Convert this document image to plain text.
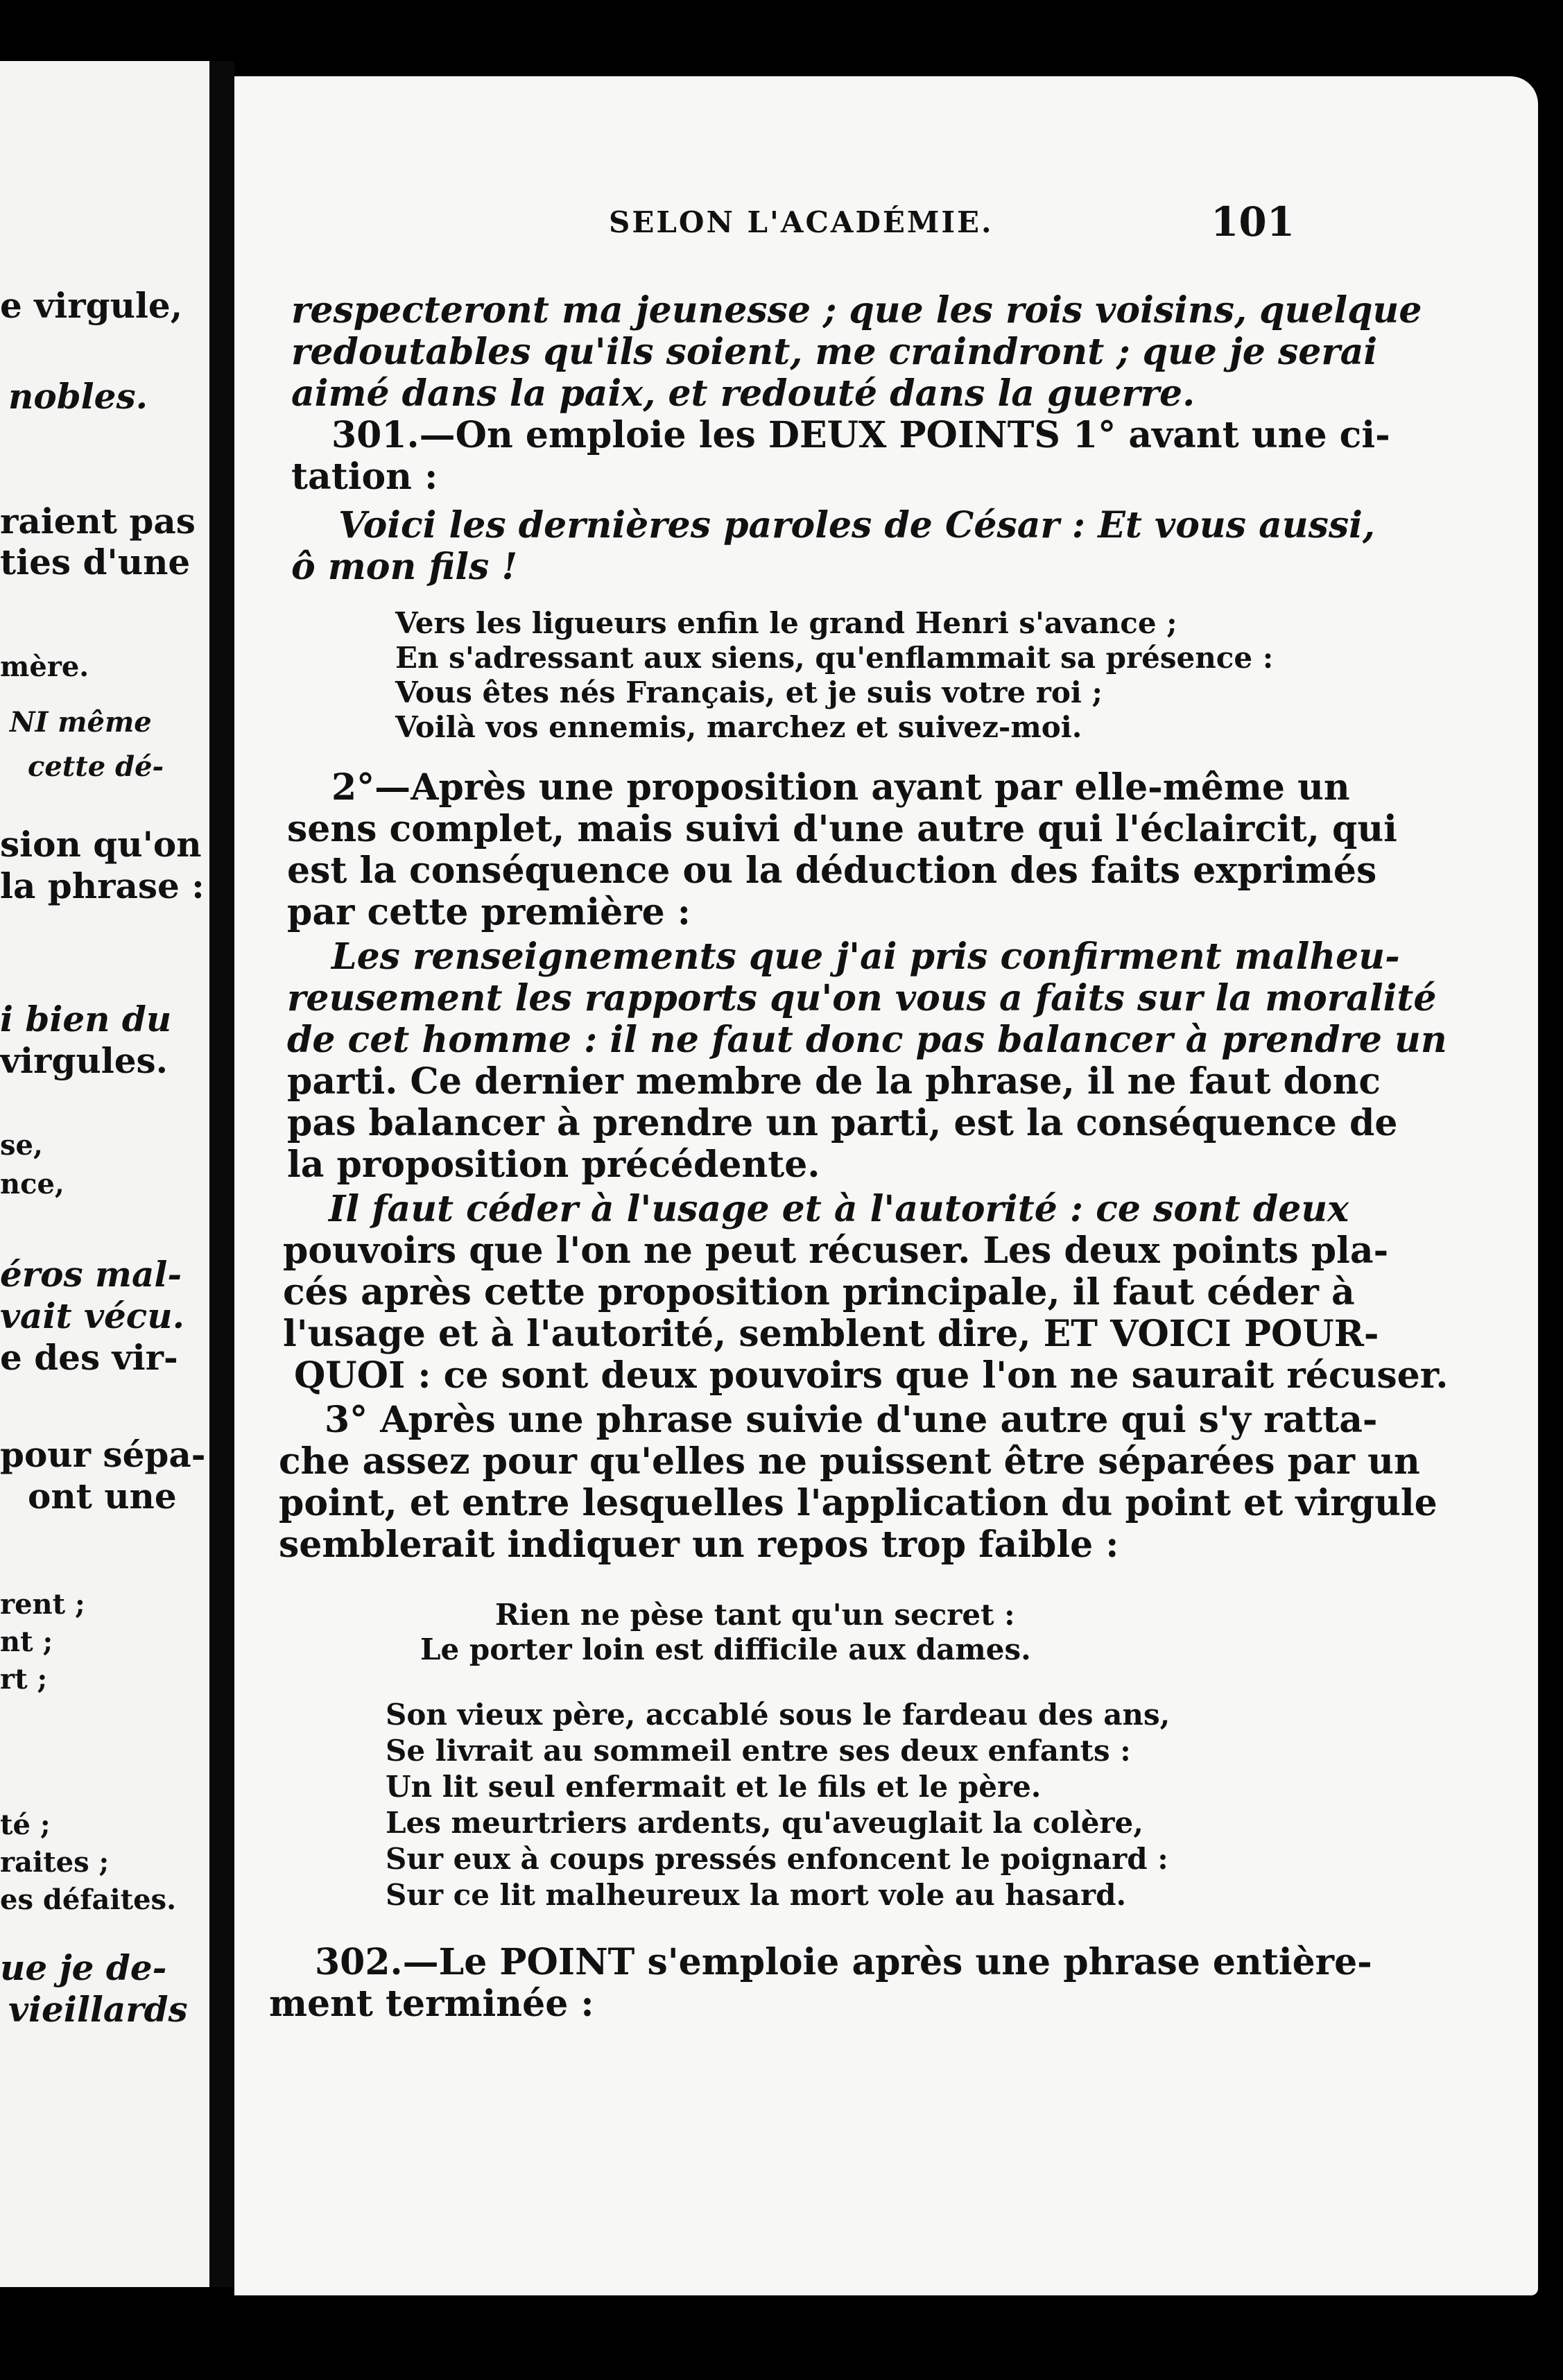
e virgule,
nobles.
raient pas
ties d'une
mère.
NI même
cette dé-
sion qu'on
la phrase :
i bien du
virgules.
se,
nce,
éros mal-
vait vécu.
e des vir-
pour sépa-
ont une
rent ;
nt ;
rt ;
té ;
raites ;
es défaites.
ue je de-
vieillards
SELON L'ACADÉMIE.	101
respecteront ma jeunesse ; que les rois voisins, quelque
redoutables qu'ils soient, me craindront ; que je serai
aimé dans la paix, et redouté dans la guerre.
301.—On emploie les DEUX POINTS 1° avant une ci-
tation :
Voici les dernières paroles de César : Et vous aussi,
ô mon fils !
Vers les ligueurs enfin le grand Henri s'avance ;
En s'adressant aux siens, qu'enflammait sa présence :
Vous êtes nés Français, et je suis votre roi ;
Voilà vos ennemis, marchez et suivez-moi.
2°—Après une proposition ayant par elle-même un
sens complet, mais suivi d'une autre qui l'éclaircit, qui
est la conséquence ou la déduction des faits exprimés
par cette première :
Les renseignements que j'ai pris confirment malheu-
reusement les rapports qu'on vous a faits sur la moralité
de cet homme : il ne faut donc pas balancer à prendre un
parti. Ce dernier membre de la phrase, il ne faut donc
pas balancer à prendre un parti, est la conséquence de
la proposition précédente.
Il faut céder à l'usage et à l'autorité : ce sont deux
pouvoirs que l'on ne peut récuser. Les deux points pla-
cés après cette proposition principale, il faut céder à
l'usage et à l'autorité, semblent dire, ET VOICI POUR-
QUOI : ce sont deux pouvoirs que l'on ne saurait récuser.
3° Après une phrase suivie d'une autre qui s'y ratta-
che assez pour qu'elles ne puissent être séparées par un
point, et entre lesquelles l'application du point et virgule
semblerait indiquer un repos trop faible :
Rien ne pèse tant qu'un secret :
Le porter loin est difficile aux dames.
Son vieux père, accablé sous le fardeau des ans,
Se livrait au sommeil entre ses deux enfants :
Un lit seul enfermait et le fils et le père.
Les meurtriers ardents, qu'aveuglait la colère,
Sur eux à coups pressés enfoncent le poignard :
Sur ce lit malheureux la mort vole au hasard.
302.—Le POINT s'emploie après une phrase entière-
ment terminée :
